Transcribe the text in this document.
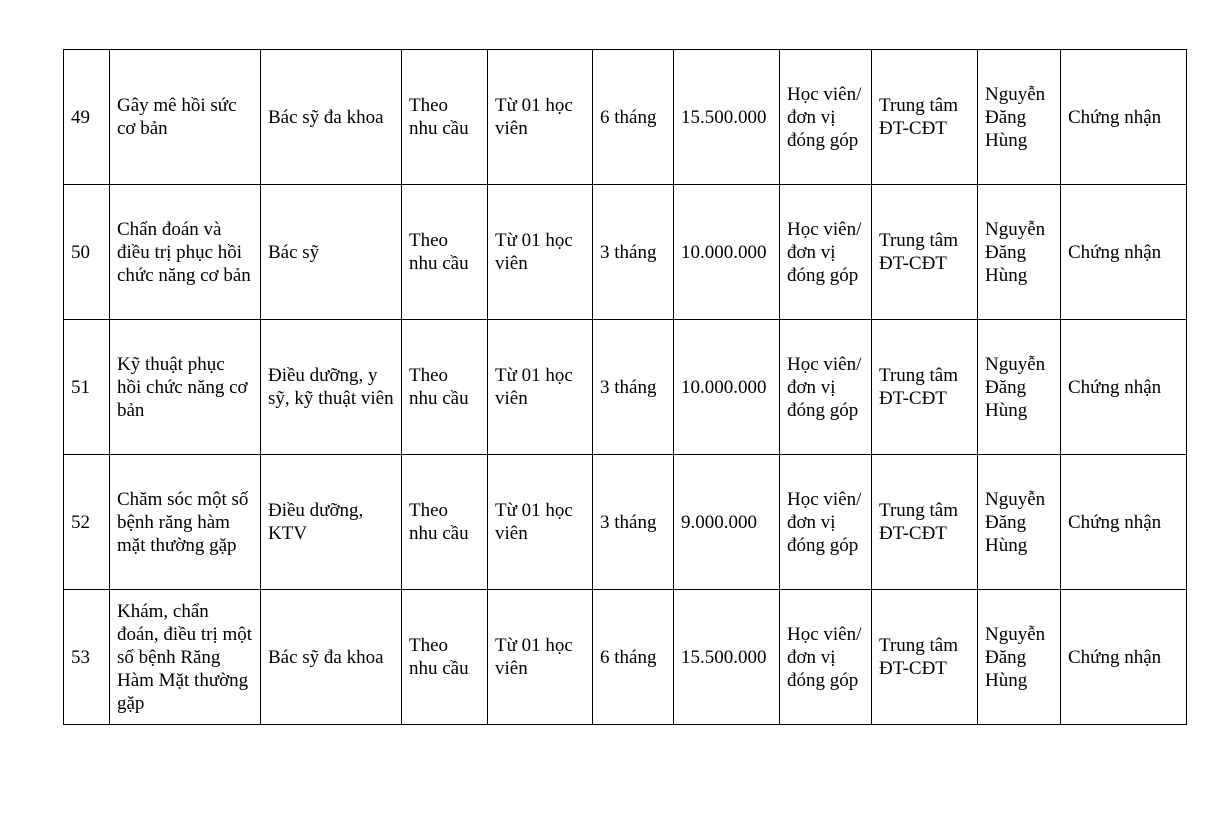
49	Gây mê hồi sức cơ bản	Bác sỹ đa khoa	Theo nhu cầu	Từ 01 học viên	6 tháng	15.500.000	Học viên/ đơn vị đóng góp	Trung tâm ĐT-CĐT	Nguyễn Đăng Hùng	Chứng nhận
50	Chẩn đoán và điều trị phục hồi chức năng cơ bản	Bác sỹ	Theo nhu cầu	Từ 01 học viên	3 tháng	10.000.000	Học viên/ đơn vị đóng góp	Trung tâm ĐT-CĐT	Nguyễn Đăng Hùng	Chứng nhận
51	Kỹ thuật phục hồi chức năng cơ bản	Điều dưỡng, y sỹ, kỹ thuật viên	Theo nhu cầu	Từ 01 học viên	3 tháng	10.000.000	Học viên/ đơn vị đóng góp	Trung tâm ĐT-CĐT	Nguyễn Đăng Hùng	Chứng nhận
52	Chăm sóc một số bệnh răng hàm mặt thường gặp	Điều dưỡng, KTV	Theo nhu cầu	Từ 01 học viên	3 tháng	9.000.000	Học viên/ đơn vị đóng góp	Trung tâm ĐT-CĐT	Nguyễn Đăng Hùng	Chứng nhận
53	Khám, chẩn đoán, điều trị một số bệnh Răng Hàm Mặt thường gặp	Bác sỹ đa khoa	Theo nhu cầu	Từ 01 học viên	6 tháng	15.500.000	Học viên/ đơn vị đóng góp	Trung tâm ĐT-CĐT	Nguyễn Đăng Hùng	Chứng nhận
